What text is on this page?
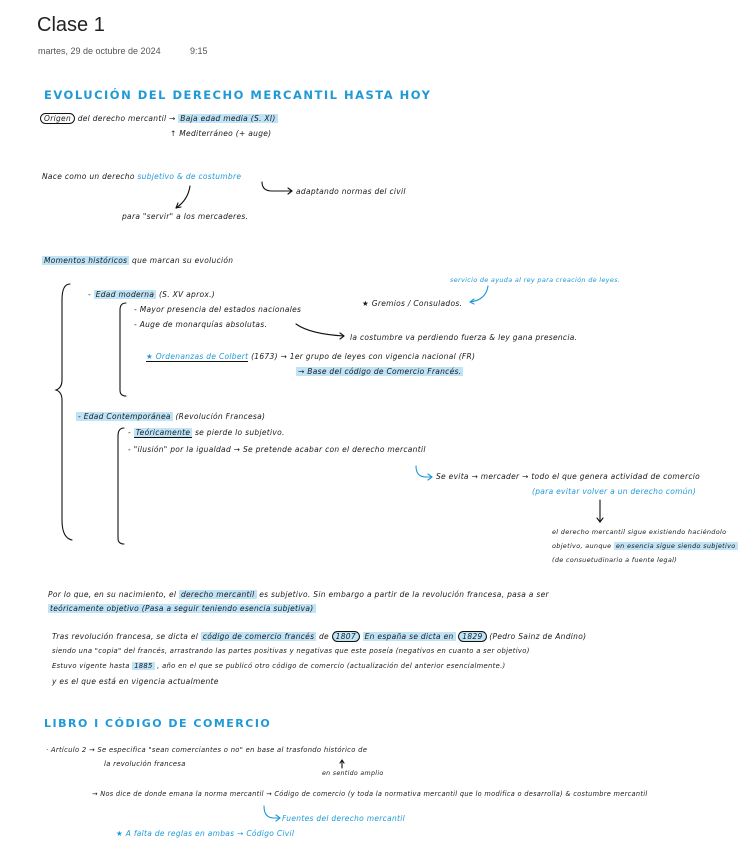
Clase 1
martes, 29 de octubre de 2024	9:15
EVOLUCIÓN DEL DERECHO MERCANTIL HASTA HOY
Origen del derecho mercantil → Baja edad media (S. XI)
↑ Mediterráneo (+ auge)
Nace como un derecho subjetivo & de costumbre
adaptando normas del civil
para "servir" a los mercaderes.
Momentos históricos que marcan su evolución
servicio de ayuda al rey para creación de leyes.
- Edad moderna (S. XV aprox.)
- Mayor presencia del estados nacionales
★ Gremios / Consulados.
- Auge de monarquías absolutas.
la costumbre va perdiendo fuerza & ley gana presencia.
★ Ordenanzas de Colbert (1673) → 1er grupo de leyes con vigencia nacional (FR)
→ Base del código de Comercio Francés.
- Edad Contemporánea (Revolución Francesa)
- Teóricamente se pierde lo subjetivo.
- "ilusión" por la igualdad → Se pretende acabar con el derecho mercantil
Se evita → mercader → todo el que genera actividad de comercio
(para evitar volver a un derecho común)
el derecho mercantil sigue existiendo haciéndolo
objetivo, aunque en esencia sigue siendo subjetivo
(de consuetudinario a fuente legal)
Por lo que, en su nacimiento, el derecho mercantil es subjetivo. Sin embargo a partir de la revolución francesa, pasa a ser
teóricamente objetivo (Pasa a seguir teniendo esencia subjetiva)
Tras revolución francesa, se dicta el código de comercio francés de 1807 En españa se dicta en 1829 (Pedro Sainz de Andino)
siendo una "copia" del francés, arrastrando las partes positivas y negativas que este poseía (negativos en cuanto a ser objetivo)
Estuvo vigente hasta 1885 , año en el que se publicó otro código de comercio (actualización del anterior esencialmente.)
y es el que está en vigencia actualmente
LIBRO I CÓDIGO DE COMERCIO
· Artículo 2 → Se especifica "sean comerciantes o no" en base al trasfondo histórico de
la revolución francesa
en sentido amplio
→ Nos dice de donde emana la norma mercantil → Código de comercio (y toda la normativa mercantil que lo modifica o desarrolla) & costumbre mercantil
Fuentes del derecho mercantil
★ A falta de reglas en ambas → Código Civil
